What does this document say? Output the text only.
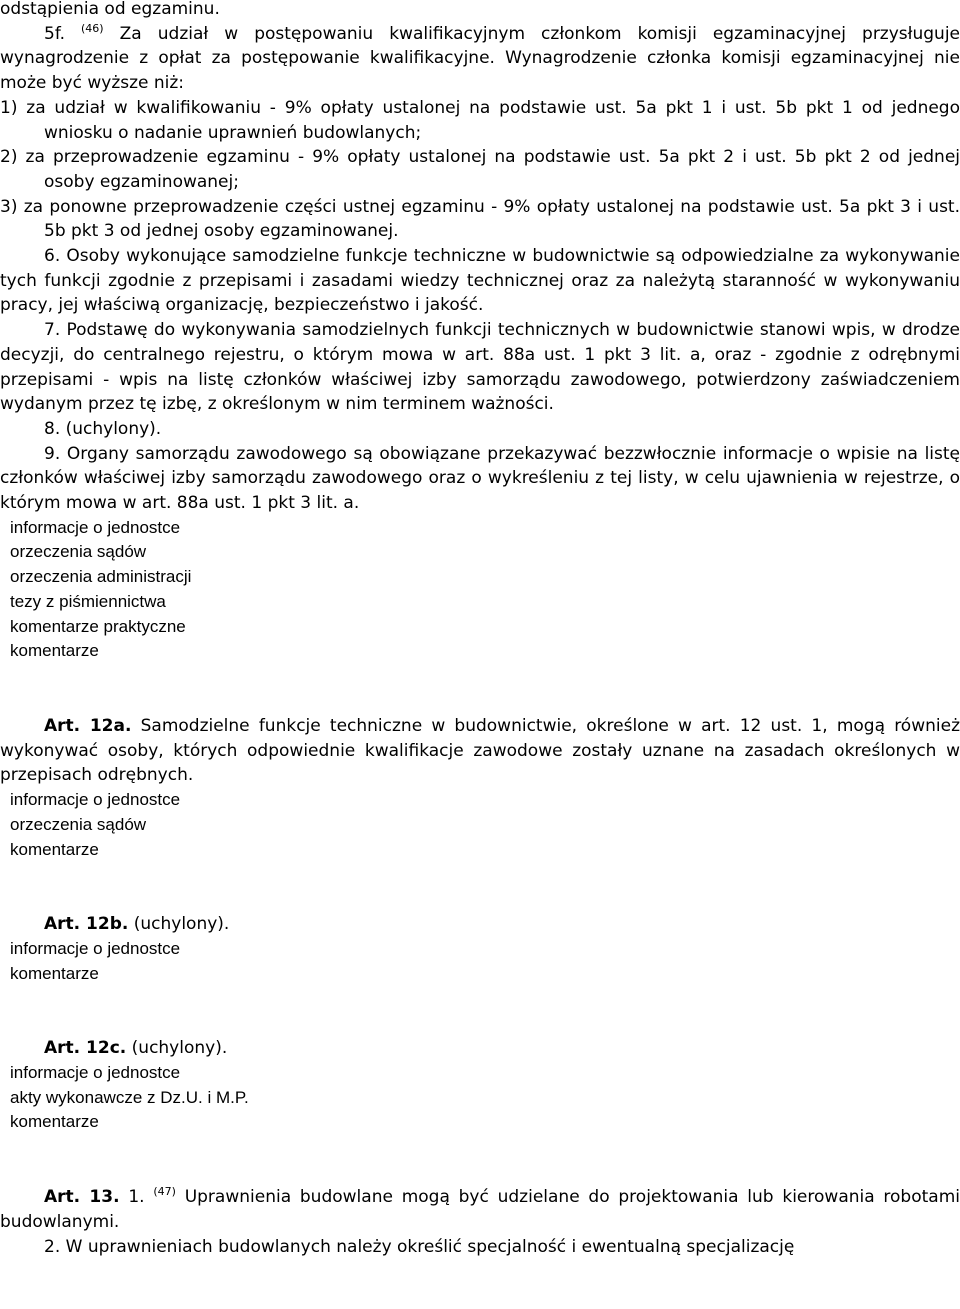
odstąpienia od egzaminu.

5f. $^{(46)}$ Za udział w postępowaniu kwalifikacyjnym członkom komisji egzaminacyjnej przysługuje wynagrodzenie z opłat za postępowanie kwalifikacyjne. Wynagrodzenie członka komisji egzaminacyjnej nie może być wyższe niż:

1) za udział w kwalifikowaniu - 9% opłaty ustalonej na podstawie ust. 5a pkt 1 i ust. 5b pkt 1 od jednego wniosku o nadanie uprawnień budowlanych;

2) za przeprowadzenie egzaminu - 9% opłaty ustalonej na podstawie ust. 5a pkt 2 i ust. 5b pkt 2 od jednej osoby egzaminowanej;

3) za ponowne przeprowadzenie części ustnej egzaminu - 9% opłaty ustalonej na podstawie ust. 5a pkt 3 i ust. 5b pkt 3 od jednej osoby egzaminowanej.

6. Osoby wykonujące samodzielne funkcje techniczne w budownictwie są odpowiedzialne za wykonywanie tych funkcji zgodnie z przepisami i zasadami wiedzy technicznej oraz za należytą staranność w wykonywaniu pracy, jej właściwą organizację, bezpieczeństwo i jakość.

7. Podstawę do wykonywania samodzielnych funkcji technicznych w budownictwie stanowi wpis, w drodze decyzji, do centralnego rejestru, o którym mowa w art. 88a ust. 1 pkt 3 lit. a, oraz - zgodnie z odrębnymi przepisami - wpis na listę członków właściwej izby samorządu zawodowego, potwierdzony zaświadczeniem wydanym przez tę izbę, z określonym w nim terminem ważności.

8. (uchylony).

9. Organy samorządu zawodowego są obowiązane przekazywać bezzwłocznie informacje o wpisie na listę członków właściwej izby samorządu zawodowego oraz o wykreśleniu z tej listy, w celu ujawnienia w rejestrze, o którym mowa w art. 88a ust. 1 pkt 3 lit. a.

informacje o jednostce
orzeczenia sądów
orzeczenia administracji
tezy z piśmiennictwa
komentarze praktyczne
komentarze

Art. 12a. Samodzielne funkcje techniczne w budownictwie, określone w art. 12 ust. 1, mogą również wykonywać osoby, których odpowiednie kwalifikacje zawodowe zostały uznane na zasadach określonych w przepisach odrębnych.

informacje o jednostce
orzeczenia sądów
komentarze

Art. 12b. (uchylony).

informacje o jednostce
komentarze

Art. 12c. (uchylony).

informacje o jednostce
akty wykonawcze z Dz.U. i M.P.
komentarze

Art. 13. 1. $^{(47)}$ Uprawnienia budowlane mogą być udzielane do projektowania lub kierowania robotami budowlanymi.

2. W uprawnieniach budowlanych należy określić specjalność i ewentualną specjalizację
